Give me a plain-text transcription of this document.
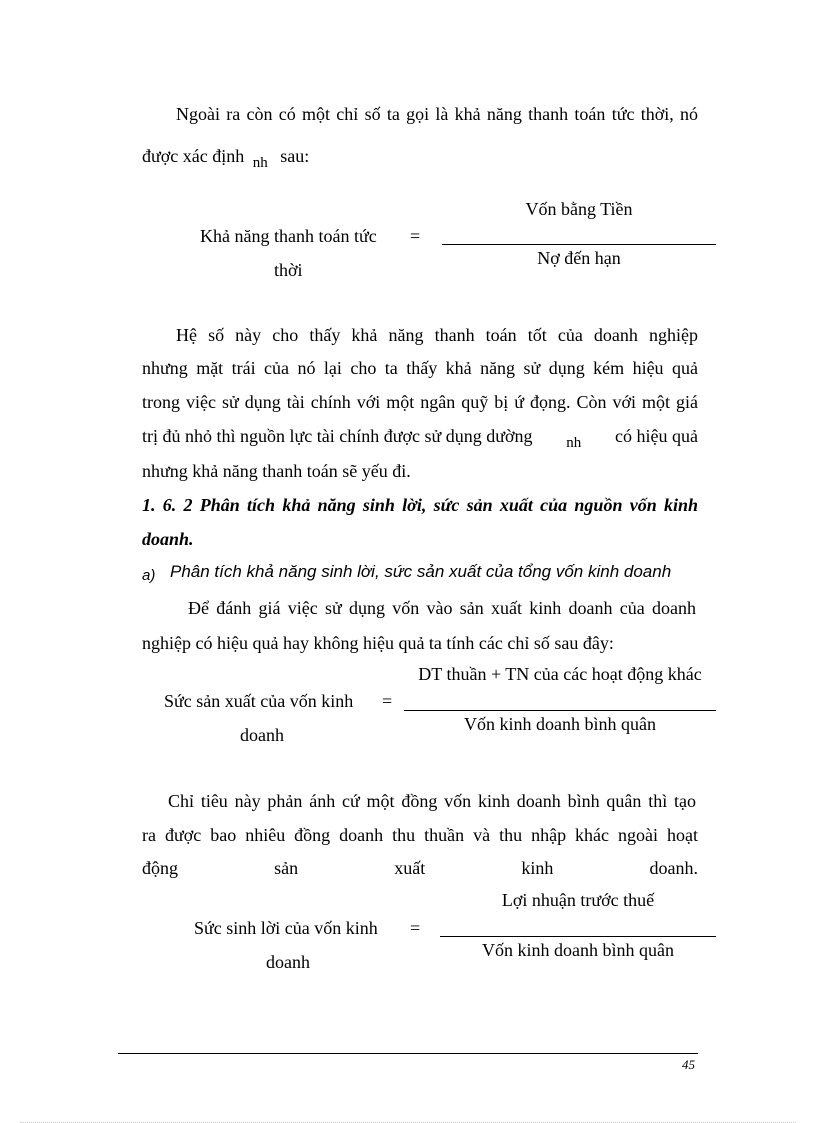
Ngoài ra còn có một chỉ số ta gọi là khả năng thanh toán tức thời, nó
được xác định $_{nh}$ sau:
Khả năng thanh toán tức
thời
=
Vốn bằng Tiền
Nợ đến hạn
Hệ số này cho thấy khả năng thanh toán tốt của doanh nghiệp
nhưng mặt trái của nó lại cho ta thấy khả năng sử dụng kém hiệu quả
trong việc sử dụng tài chính với một ngân quỹ bị ứ đọng. Còn với một giá
trị đủ nhỏ thì nguồn lực tài chính được sử dụng dường nh có hiệu quả
nhưng khả năng thanh toán sẽ yếu đi.
1. 6. 2 Phân tích khả năng sinh lời, sức sản xuất của nguồn vốn kinh
doanh.
a) Phân tích khả năng sinh lời, sức sản xuất của tổng vốn kinh doanh
Để đánh giá việc sử dụng vốn vào sản xuất kinh doanh của doanh
nghiệp có hiệu quả hay không hiệu quả ta tính các chỉ số sau đây:
Sức sản xuất của vốn kinh
doanh
=
DT thuần + TN của các hoạt động khác
Vốn kinh doanh bình quân
Chỉ tiêu này phản ánh cứ một đồng vốn kinh doanh bình quân thì tạo
ra được bao nhiêu đồng doanh thu thuần và thu nhập khác ngoài hoạt
động sản xuất kinh doanh.
Sức sinh lời của vốn kinh
doanh
=
Lợi nhuận trước thuế
Vốn kinh doanh bình quân
45
